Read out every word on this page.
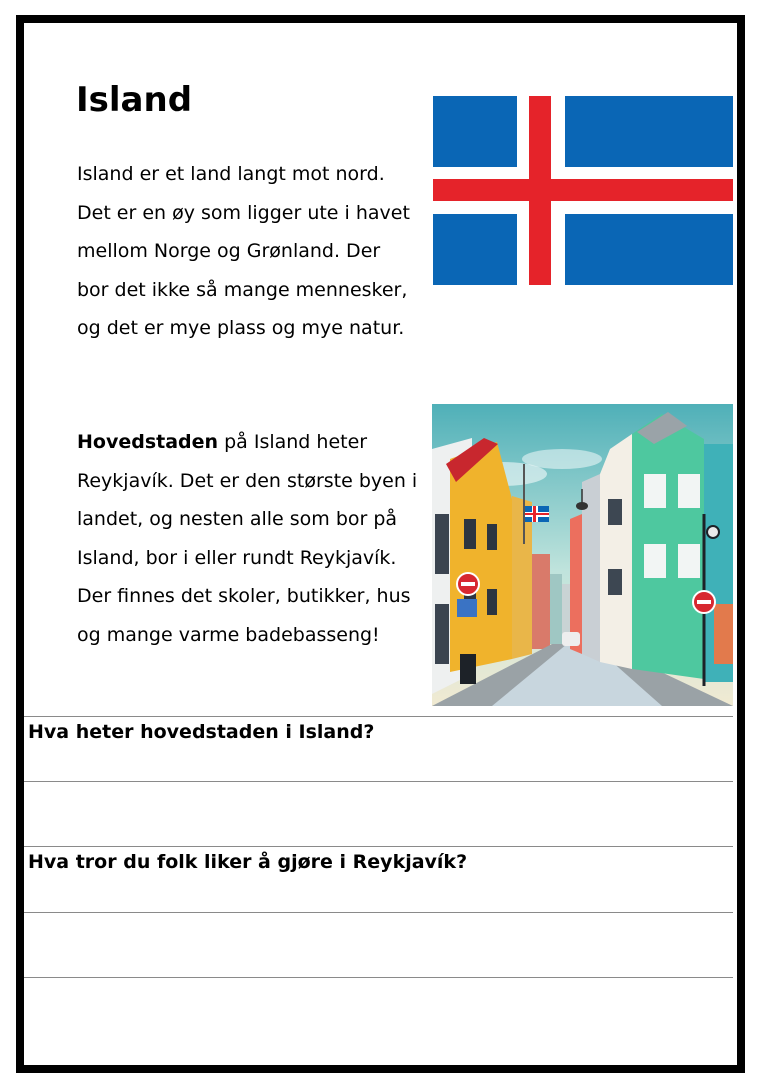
Island

Island er et land langt mot nord. Det er en øy som ligger ute i havet mellom Norge og Grønland. Der bor det ikke så mange mennesker, og det er mye plass og mye natur.

Hovedstaden på Island heter Reykjavík. Det er den største byen i landet, og nesten alle som bor på Island, bor i eller rundt Reykjavík. Der finnes det skoler, butikker, hus og mange varme badebasseng!

Hva heter hovedstaden i Island?

Hva tror du folk liker å gjøre i Reykjavík?
